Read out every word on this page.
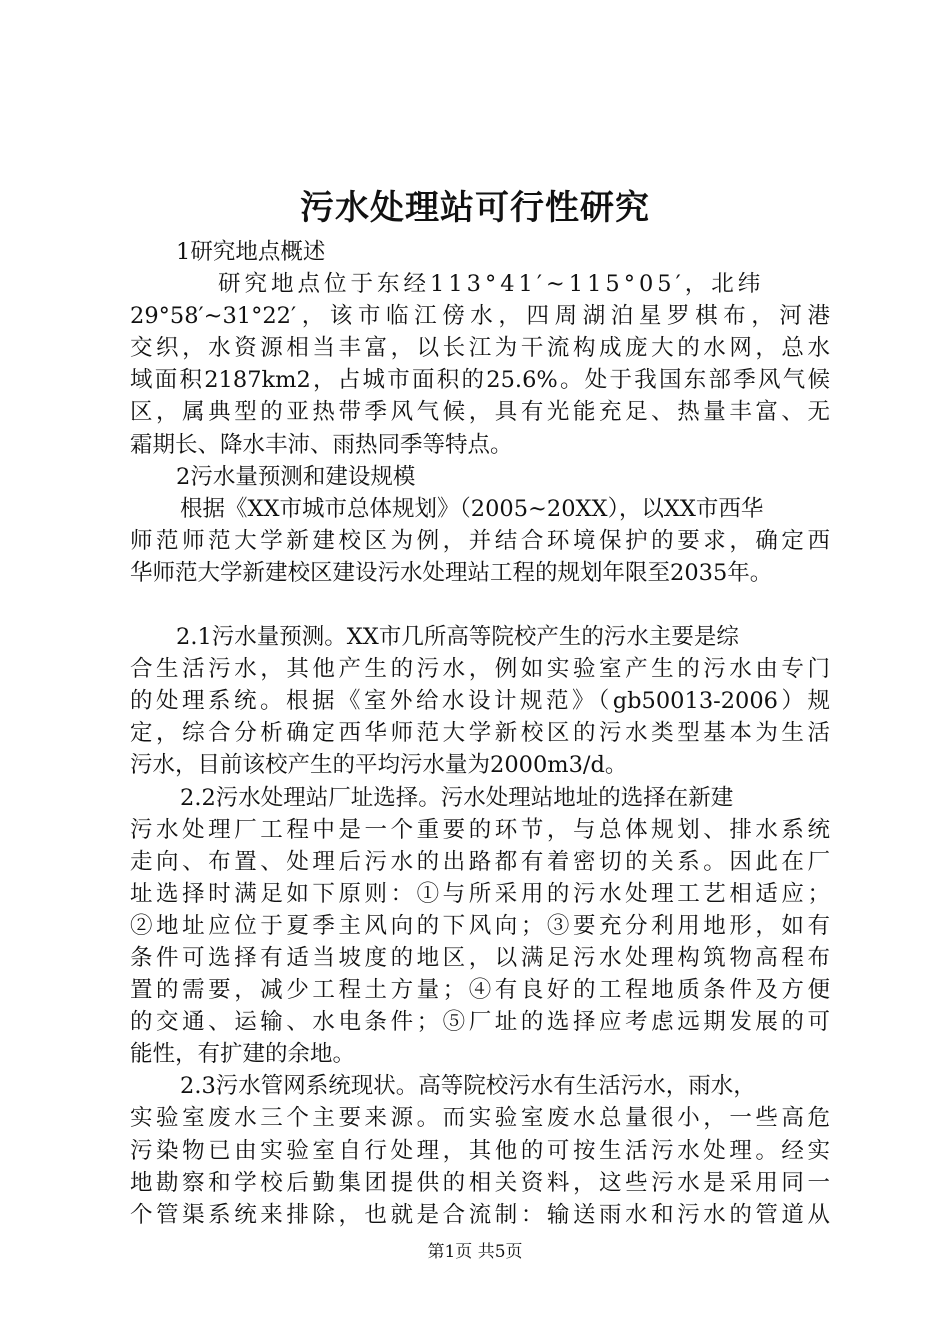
污水处理站可行性研究
1研究地点概述
研究地点位于东经113°41′~115°05′，北纬
29°58′~31°22′，该市临江傍水，四周湖泊星罗棋布，河港
交织，水资源相当丰富，以长江为干流构成庞大的水网，总水
域面积2187km2，占城市面积的25.6%。处于我国东部季风气候
区，属典型的亚热带季风气候，具有光能充足、热量丰富、无
霜期长、降水丰沛、雨热同季等特点。
2污水量预测和建设规模
根据《XX市城市总体规划》（2005~20XX），以XX市西华
师范师范大学新建校区为例，并结合环境保护的要求，确定西
华师范大学新建校区建设污水处理站工程的规划年限至2035年。
2.1污水量预测。XX市几所高等院校产生的污水主要是综
合生活污水，其他产生的污水，例如实验室产生的污水由专门
的处理系统。根据《室外给水设计规范》（gb50013-2006）规
定，综合分析确定西华师范大学新校区的污水类型基本为生活
污水，目前该校产生的平均污水量为2000m3/d。
2.2污水处理站厂址选择。污水处理站地址的选择在新建
污水处理厂工程中是一个重要的环节，与总体规划、排水系统
走向、布置、处理后污水的出路都有着密切的关系。因此在厂
址选择时满足如下原则：①与所采用的污水处理工艺相适应；
②地址应位于夏季主风向的下风向；③要充分利用地形，如有
条件可选择有适当坡度的地区，以满足污水处理构筑物高程布
置的需要，减少工程土方量；④有良好的工程地质条件及方便
的交通、运输、水电条件；⑤厂址的选择应考虑远期发展的可
能性，有扩建的余地。
2.3污水管网系统现状。高等院校污水有生活污水，雨水，
实验室废水三个主要来源。而实验室废水总量很小，一些高危
污染物已由实验室自行处理，其他的可按生活污水处理。经实
地勘察和学校后勤集团提供的相关资料，这些污水是采用同一
个管渠系统来排除，也就是合流制：输送雨水和污水的管道从
第1页 共5页
